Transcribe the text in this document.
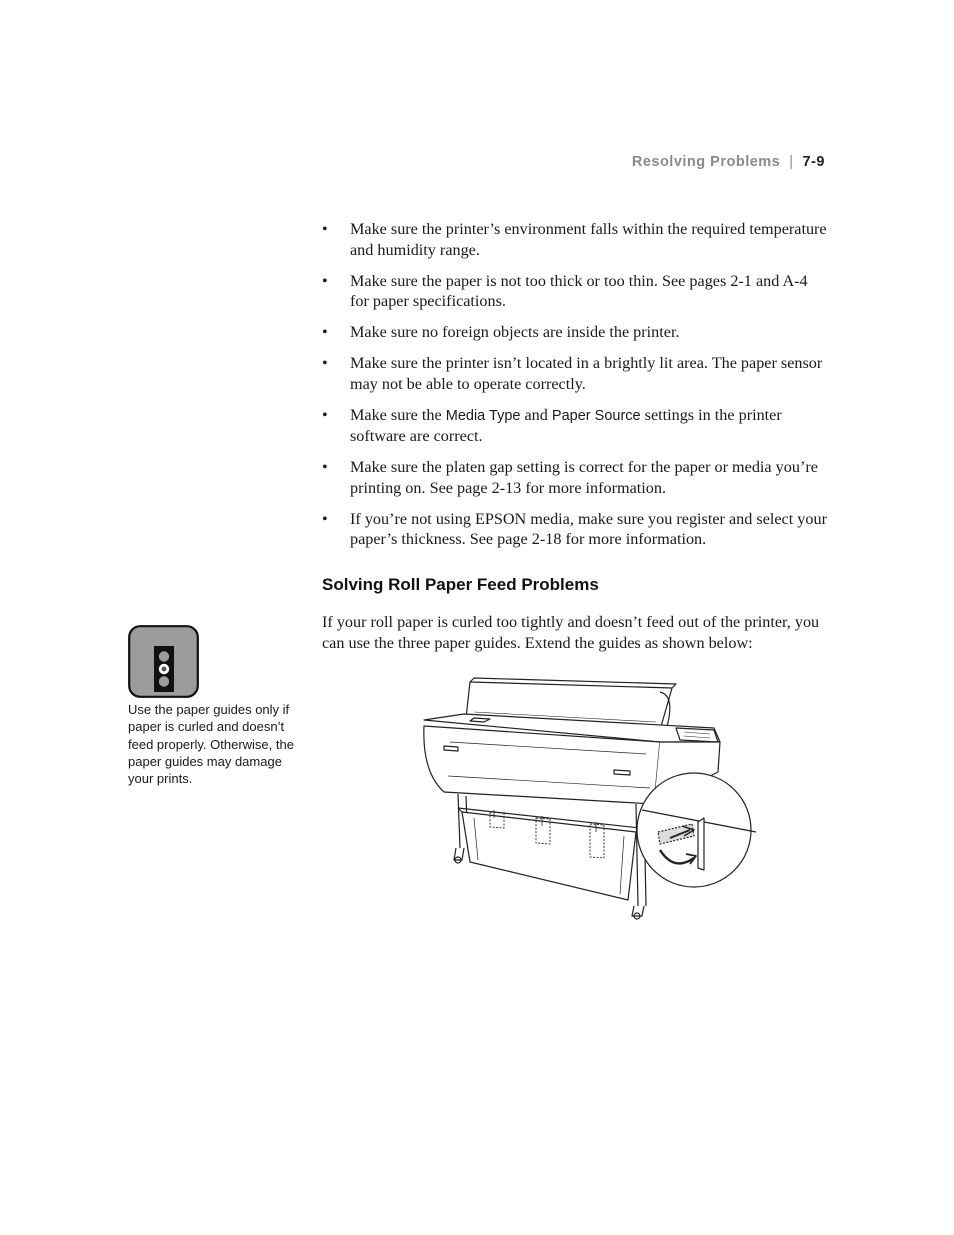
Resolving Problems | 7-9
• Make sure the printer’s environment falls within the required temperature and humidity range.
• Make sure the paper is not too thick or too thin. See pages 2-1 and A-4 for paper specifications.
• Make sure no foreign objects are inside the printer.
• Make sure the printer isn’t located in a brightly lit area. The paper sensor may not be able to operate correctly.
• Make sure the Media Type and Paper Source settings in the printer software are correct.
• Make sure the platen gap setting is correct for the paper or media you’re printing on. See page 2-13 for more information.
• If you’re not using EPSON media, make sure you register and select your paper’s thickness. See page 2-18 for more information.
Solving Roll Paper Feed Problems
If your roll paper is curled too tightly and doesn’t feed out of the printer, you can use the three paper guides. Extend the guides as shown below:
Use the paper guides only if paper is curled and doesn’t feed properly. Otherwise, the paper guides may damage your prints.
